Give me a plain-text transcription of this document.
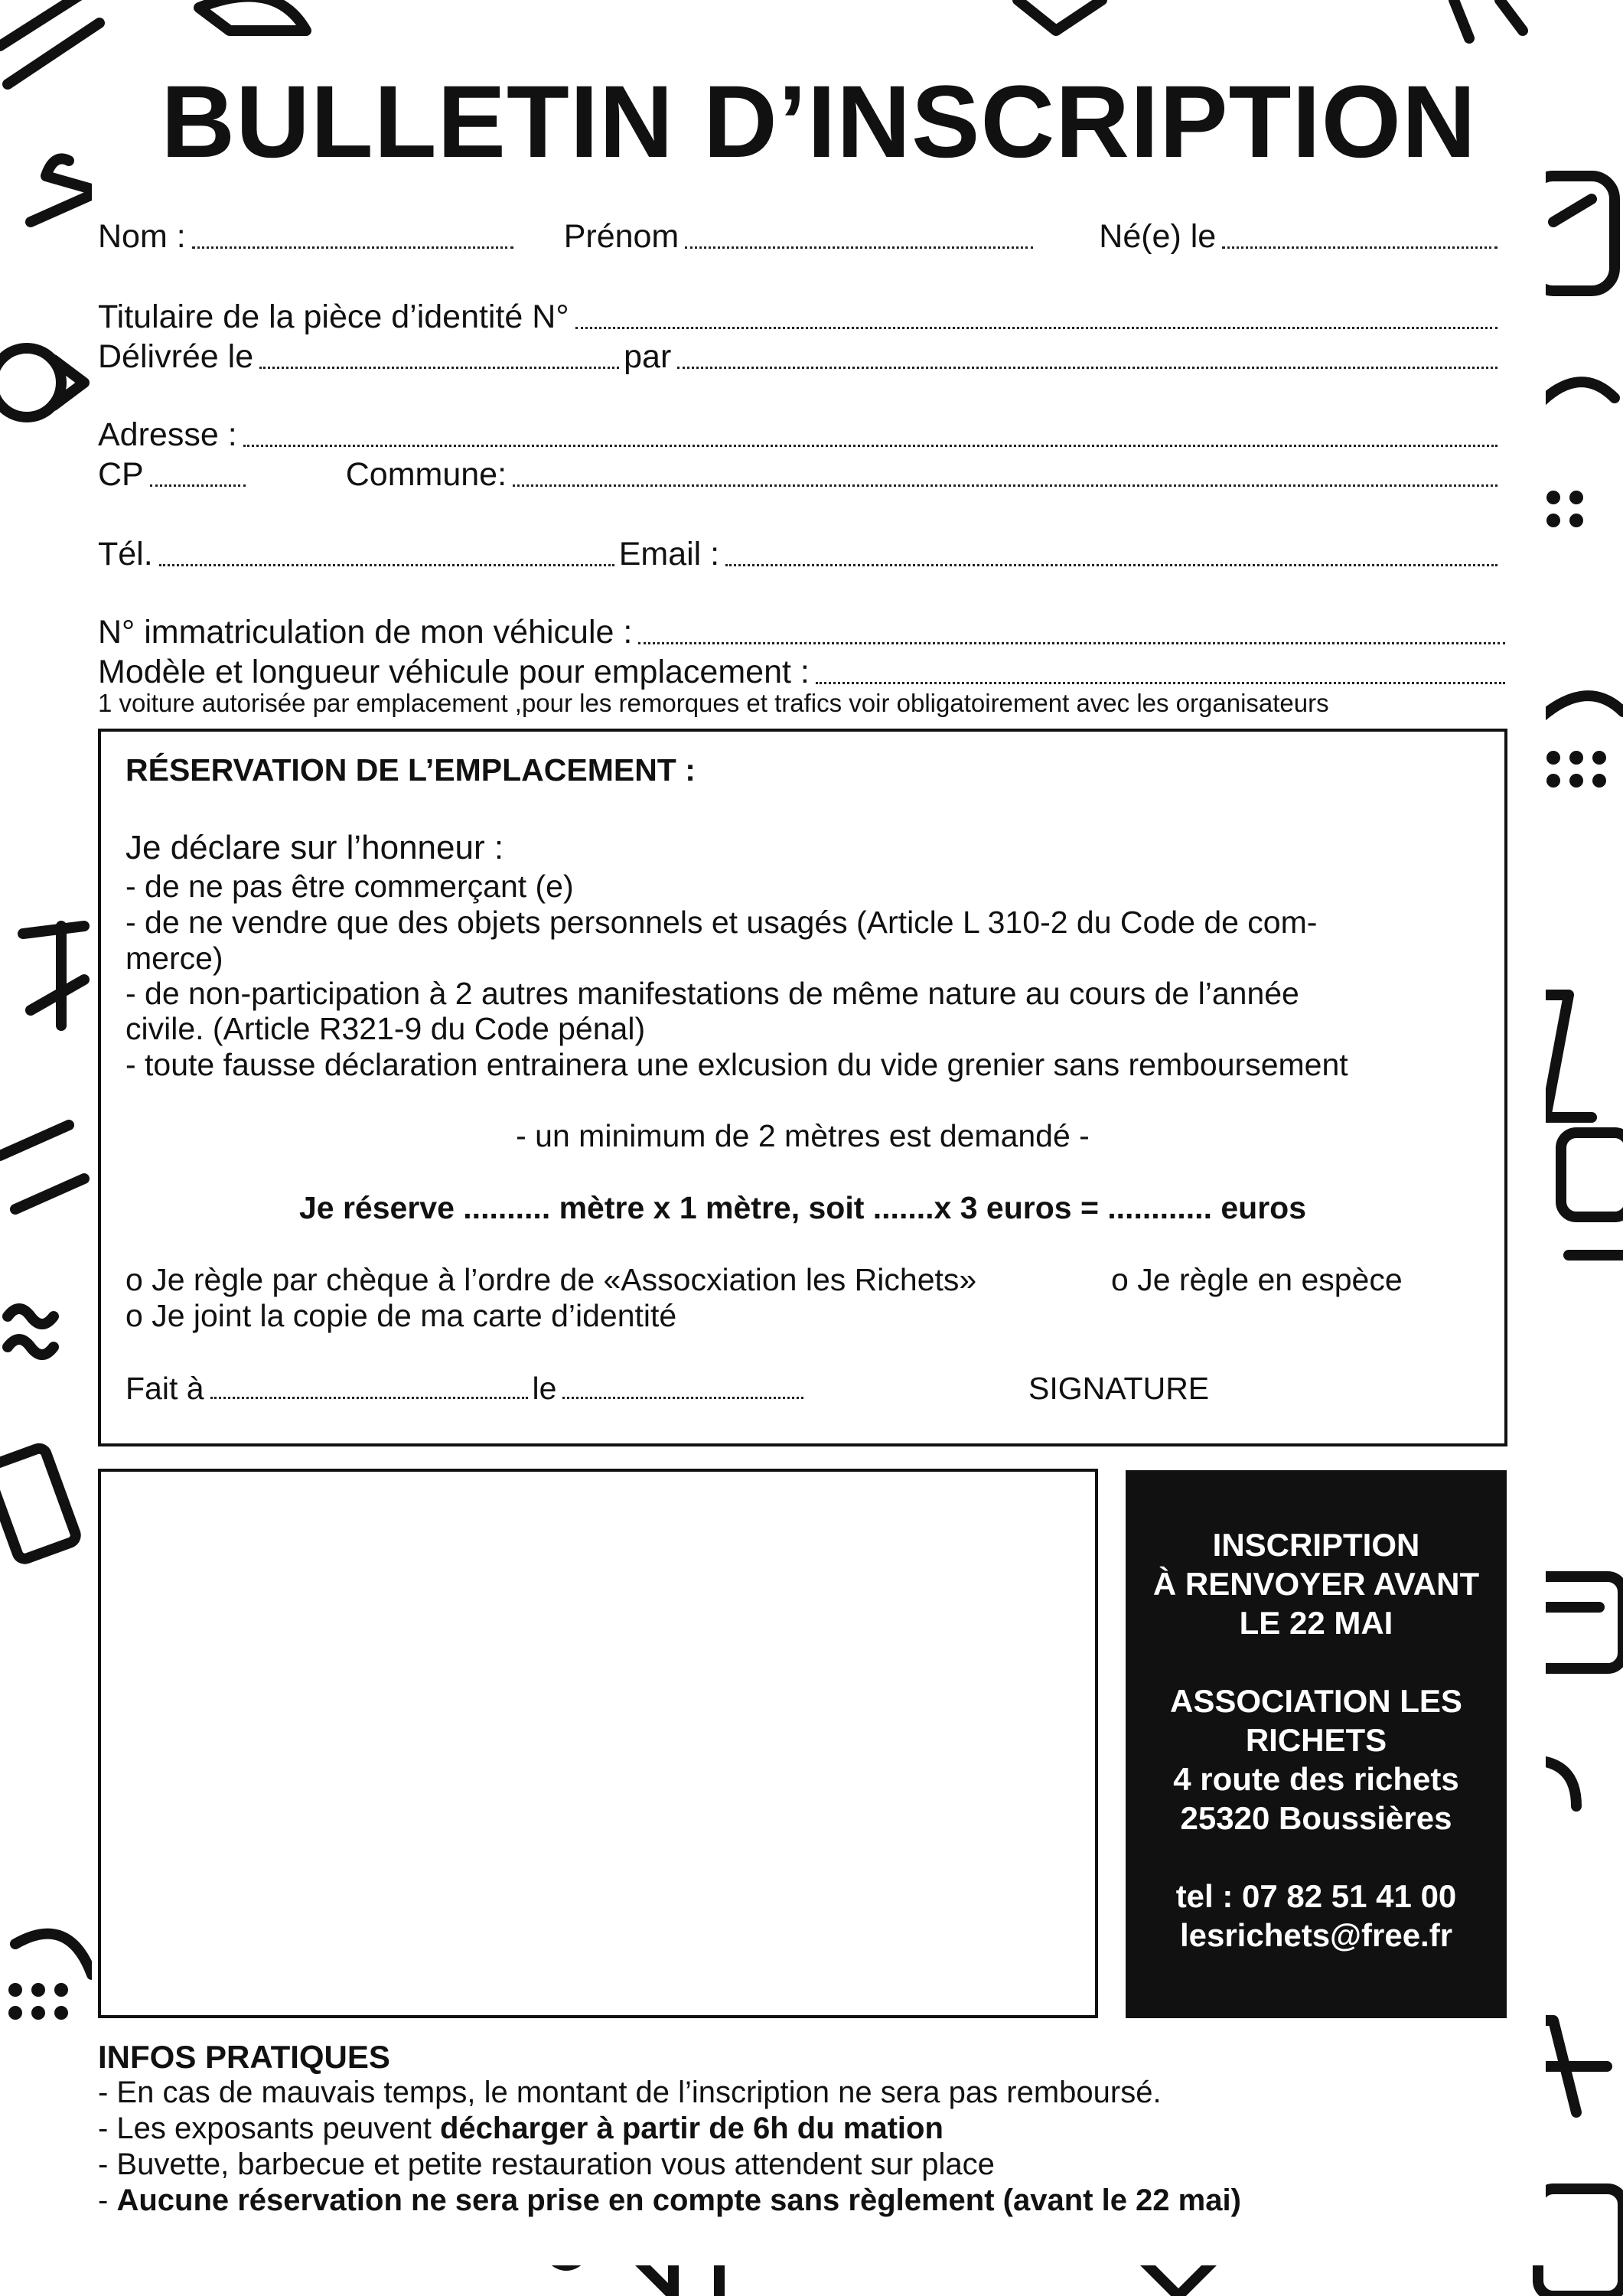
BULLETIN D’INSCRIPTION
Nom :	Prénom	Né(e) le
Titulaire de la pièce d’identité N°
Délivrée le	par
Adresse :
CP	Commune:
Tél.	Email :
N° immatriculation de mon véhicule :
Modèle et longueur véhicule pour emplacement :
1 voiture autorisée par emplacement ,pour les remorques et trafics voir obligatoirement avec les organisateurs
RÉSERVATION DE L’EMPLACEMENT :
Je déclare sur l’honneur :
- de ne pas être commerçant (e)
- de ne vendre que des objets personnels et usagés (Article L 310-2 du Code de com-
merce)
- de non-participation à 2 autres manifestations de même nature au cours de l’année
civile. (Article R321-9 du Code pénal)
- toute fausse déclaration entrainera une exlcusion du vide grenier sans remboursement
- un minimum de 2 mètres est demandé -
Je réserve .......... mètre x 1 mètre, soit .......x 3 euros = ............ euros
o Je règle par chèque à l’ordre de «Assocxiation les Richets»	o Je règle en espèce
o Je joint la copie de ma carte d’identité
Fait à	le	SIGNATURE

INSCRIPTION

À RENVOYER AVANT

LE 22 MAI

ASSOCIATION LES

RICHETS

4 route des richets

25320 Boussières

tel : 07 82 51 41 00

lesrichets@free.fr

INFOS PRATIQUES
- En cas de mauvais temps, le montant de l’inscription ne sera pas remboursé.
- Les exposants peuvent décharger à partir de 6h du mation
- Buvette, barbecue et petite restauration vous attendent sur place
- Aucune réservation ne sera prise en compte sans règlement (avant le 22 mai)
